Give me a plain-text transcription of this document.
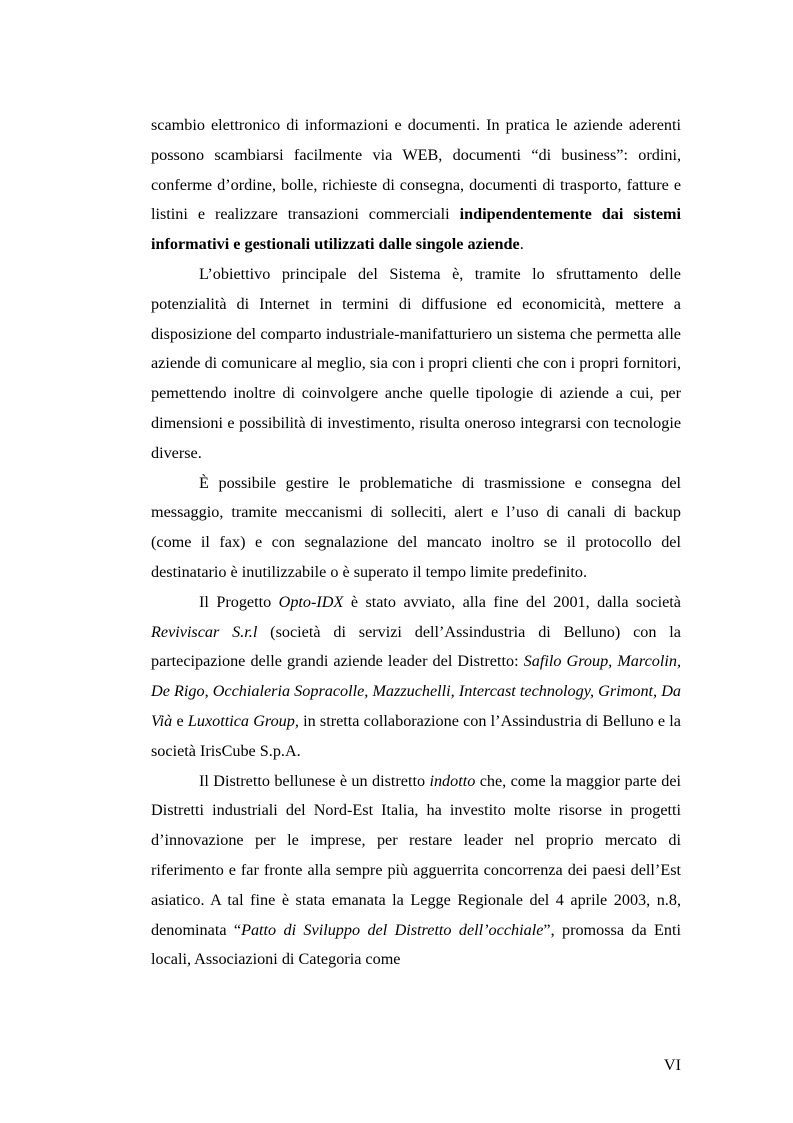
scambio elettronico di informazioni e documenti. In pratica le aziende aderenti possono scambiarsi facilmente via WEB, documenti “di business”: ordini, conferme d’ordine, bolle, richieste di consegna, documenti di trasporto, fatture e listini e realizzare transazioni commerciali indipendentemente dai sistemi informativi e gestionali utilizzati dalle singole aziende.

L’obiettivo principale del Sistema è, tramite lo sfruttamento delle potenzialità di Internet in termini di diffusione ed economicità, mettere a disposizione del comparto industriale-manifatturiero un sistema che permetta alle aziende di comunicare al meglio, sia con i propri clienti che con i propri fornitori, pemettendo inoltre di coinvolgere anche quelle tipologie di aziende a cui, per dimensioni e possibilità di investimento, risulta oneroso integrarsi con tecnologie diverse.

È possibile gestire le problematiche di trasmissione e consegna del messaggio, tramite meccanismi di solleciti, alert e l’uso di canali di backup (come il fax) e con segnalazione del mancato inoltro se il protocollo del destinatario è inutilizzabile o è superato il tempo limite predefinito.

Il Progetto Opto-IDX è stato avviato, alla fine del 2001, dalla società Reviviscar S.r.l (società di servizi dell’Assindustria di Belluno) con la partecipazione delle grandi aziende leader del Distretto: Safilo Group, Marcolin, De Rigo, Occhialeria Sopracolle, Mazzuchelli, Intercast technology, Grimont, Da Vià e Luxottica Group, in stretta collaborazione con l’Assindustria di Belluno e la società IrisCube S.p.A.

Il Distretto bellunese è un distretto indotto che, come la maggior parte dei Distretti industriali del Nord-Est Italia, ha investito molte risorse in progetti d’innovazione per le imprese, per restare leader nel proprio mercato di riferimento e far fronte alla sempre più agguerrita concorrenza dei paesi dell’Est asiatico. A tal fine è stata emanata la Legge Regionale del 4 aprile 2003, n.8, denominata “Patto di Sviluppo del Distretto dell’occhiale”, promossa da Enti locali, Associazioni di Categoria come

VI
